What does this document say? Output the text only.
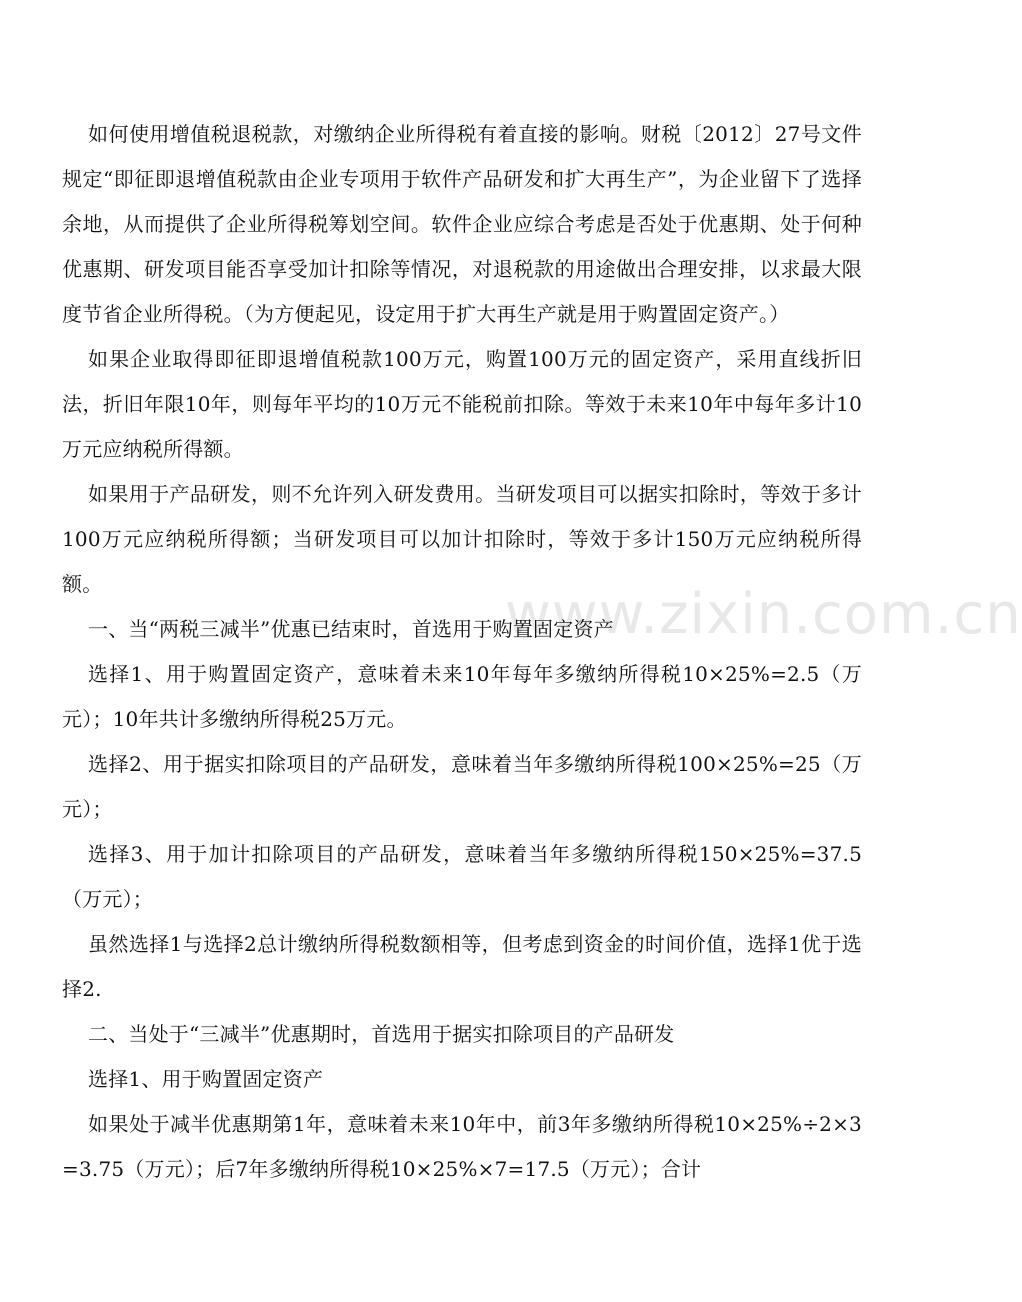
www.zixin.com.cn

如何使用增值税退税款，对缴纳企业所得税有着直接的影响。财税〔2012〕27号文件规定“即征即退增值税款由企业专项用于软件产品研发和扩大再生产”，为企业留下了选择余地，从而提供了企业所得税筹划空间。软件企业应综合考虑是否处于优惠期、处于何种优惠期、研发项目能否享受加计扣除等情况，对退税款的用途做出合理安排，以求最大限度节省企业所得税。（为方便起见，设定用于扩大再生产就是用于购置固定资产。）

如果企业取得即征即退增值税款100万元，购置100万元的固定资产，采用直线折旧法，折旧年限10年，则每年平均的10万元不能税前扣除。等效于未来10年中每年多计10万元应纳税所得额。

如果用于产品研发，则不允许列入研发费用。当研发项目可以据实扣除时，等效于多计100万元应纳税所得额；当研发项目可以加计扣除时，等效于多计150万元应纳税所得额。

一、当“两税三减半”优惠已结束时，首选用于购置固定资产

选择1、用于购置固定资产，意味着未来10年每年多缴纳所得税10×25%=2.5（万元）；10年共计多缴纳所得税25万元。

选择2、用于据实扣除项目的产品研发，意味着当年多缴纳所得税100×25%=25（万元）；

选择3、用于加计扣除项目的产品研发，意味着当年多缴纳所得税150×25%=37.5（万元）；

虽然选择1与选择2总计缴纳所得税数额相等，但考虑到资金的时间价值，选择1优于选择2.

二、当处于“三减半”优惠期时，首选用于据实扣除项目的产品研发

选择1、用于购置固定资产

如果处于减半优惠期第1年，意味着未来10年中，前3年多缴纳所得税10×25%÷2×3=3.75（万元）；后7年多缴纳所得税10×25%×7=17.5（万元）；合计
